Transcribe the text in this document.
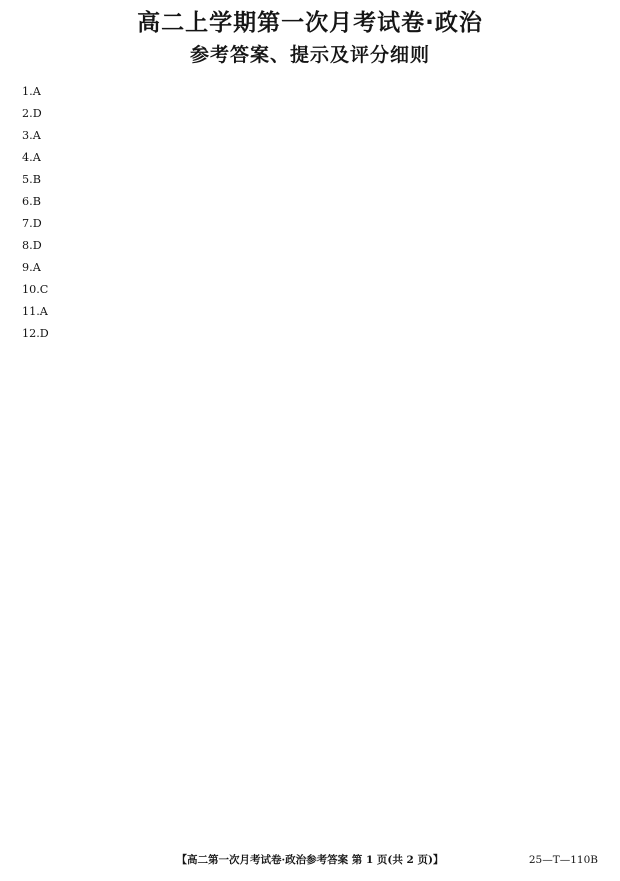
高二上学期第一次月考试卷·政治
参考答案、提示及评分细则
1.A
2.D
3.A
4.A
5.B
6.B
7.D
8.D
9.A
10.C
11.A
12.D
【高二第一次月考试卷·政治参考答案 第 1 页(共 2 页)】	25—T—110B
